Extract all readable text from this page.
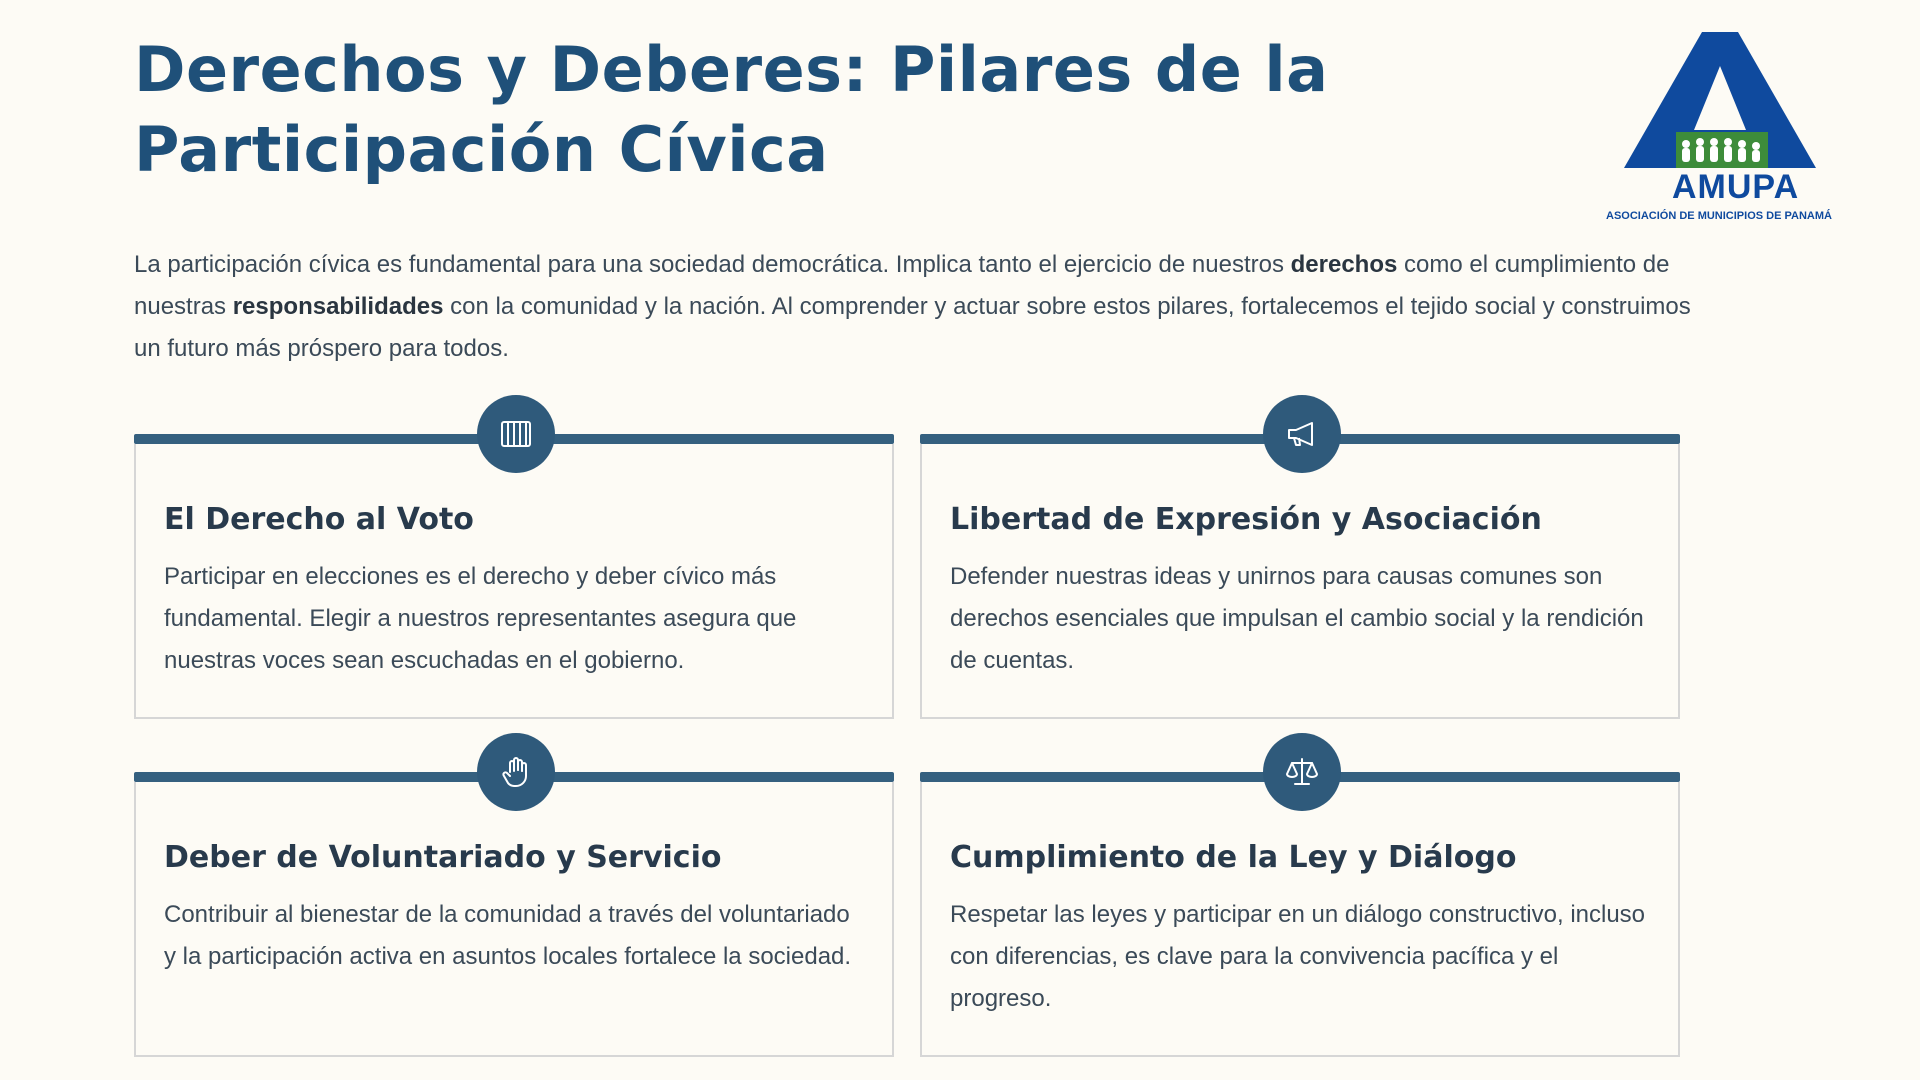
Derechos y Deberes: Pilares de la Participación Cívica
AMUPA
ASOCIACIÓN DE MUNICIPIOS DE PANAMÁ

La participación cívica es fundamental para una sociedad democrática. Implica tanto el ejercicio de nuestros derechos como el cumplimiento de nuestras responsabilidades con la comunidad y la nación. Al comprender y actuar sobre estos pilares, fortalecemos el tejido social y construimos un futuro más próspero para todos.

El Derecho al Voto

Participar en elecciones es el derecho y deber cívico más fundamental. Elegir a nuestros representantes asegura que nuestras voces sean escuchadas en el gobierno.

Libertad de Expresión y Asociación

Defender nuestras ideas y unirnos para causas comunes son derechos esenciales que impulsan el cambio social y la rendición de cuentas.

Deber de Voluntariado y Servicio

Contribuir al bienestar de la comunidad a través del voluntariado y la participación activa en asuntos locales fortalece la sociedad.

Cumplimiento de la Ley y Diálogo

Respetar las leyes y participar en un diálogo constructivo, incluso con diferencias, es clave para la convivencia pacífica y el progreso.
